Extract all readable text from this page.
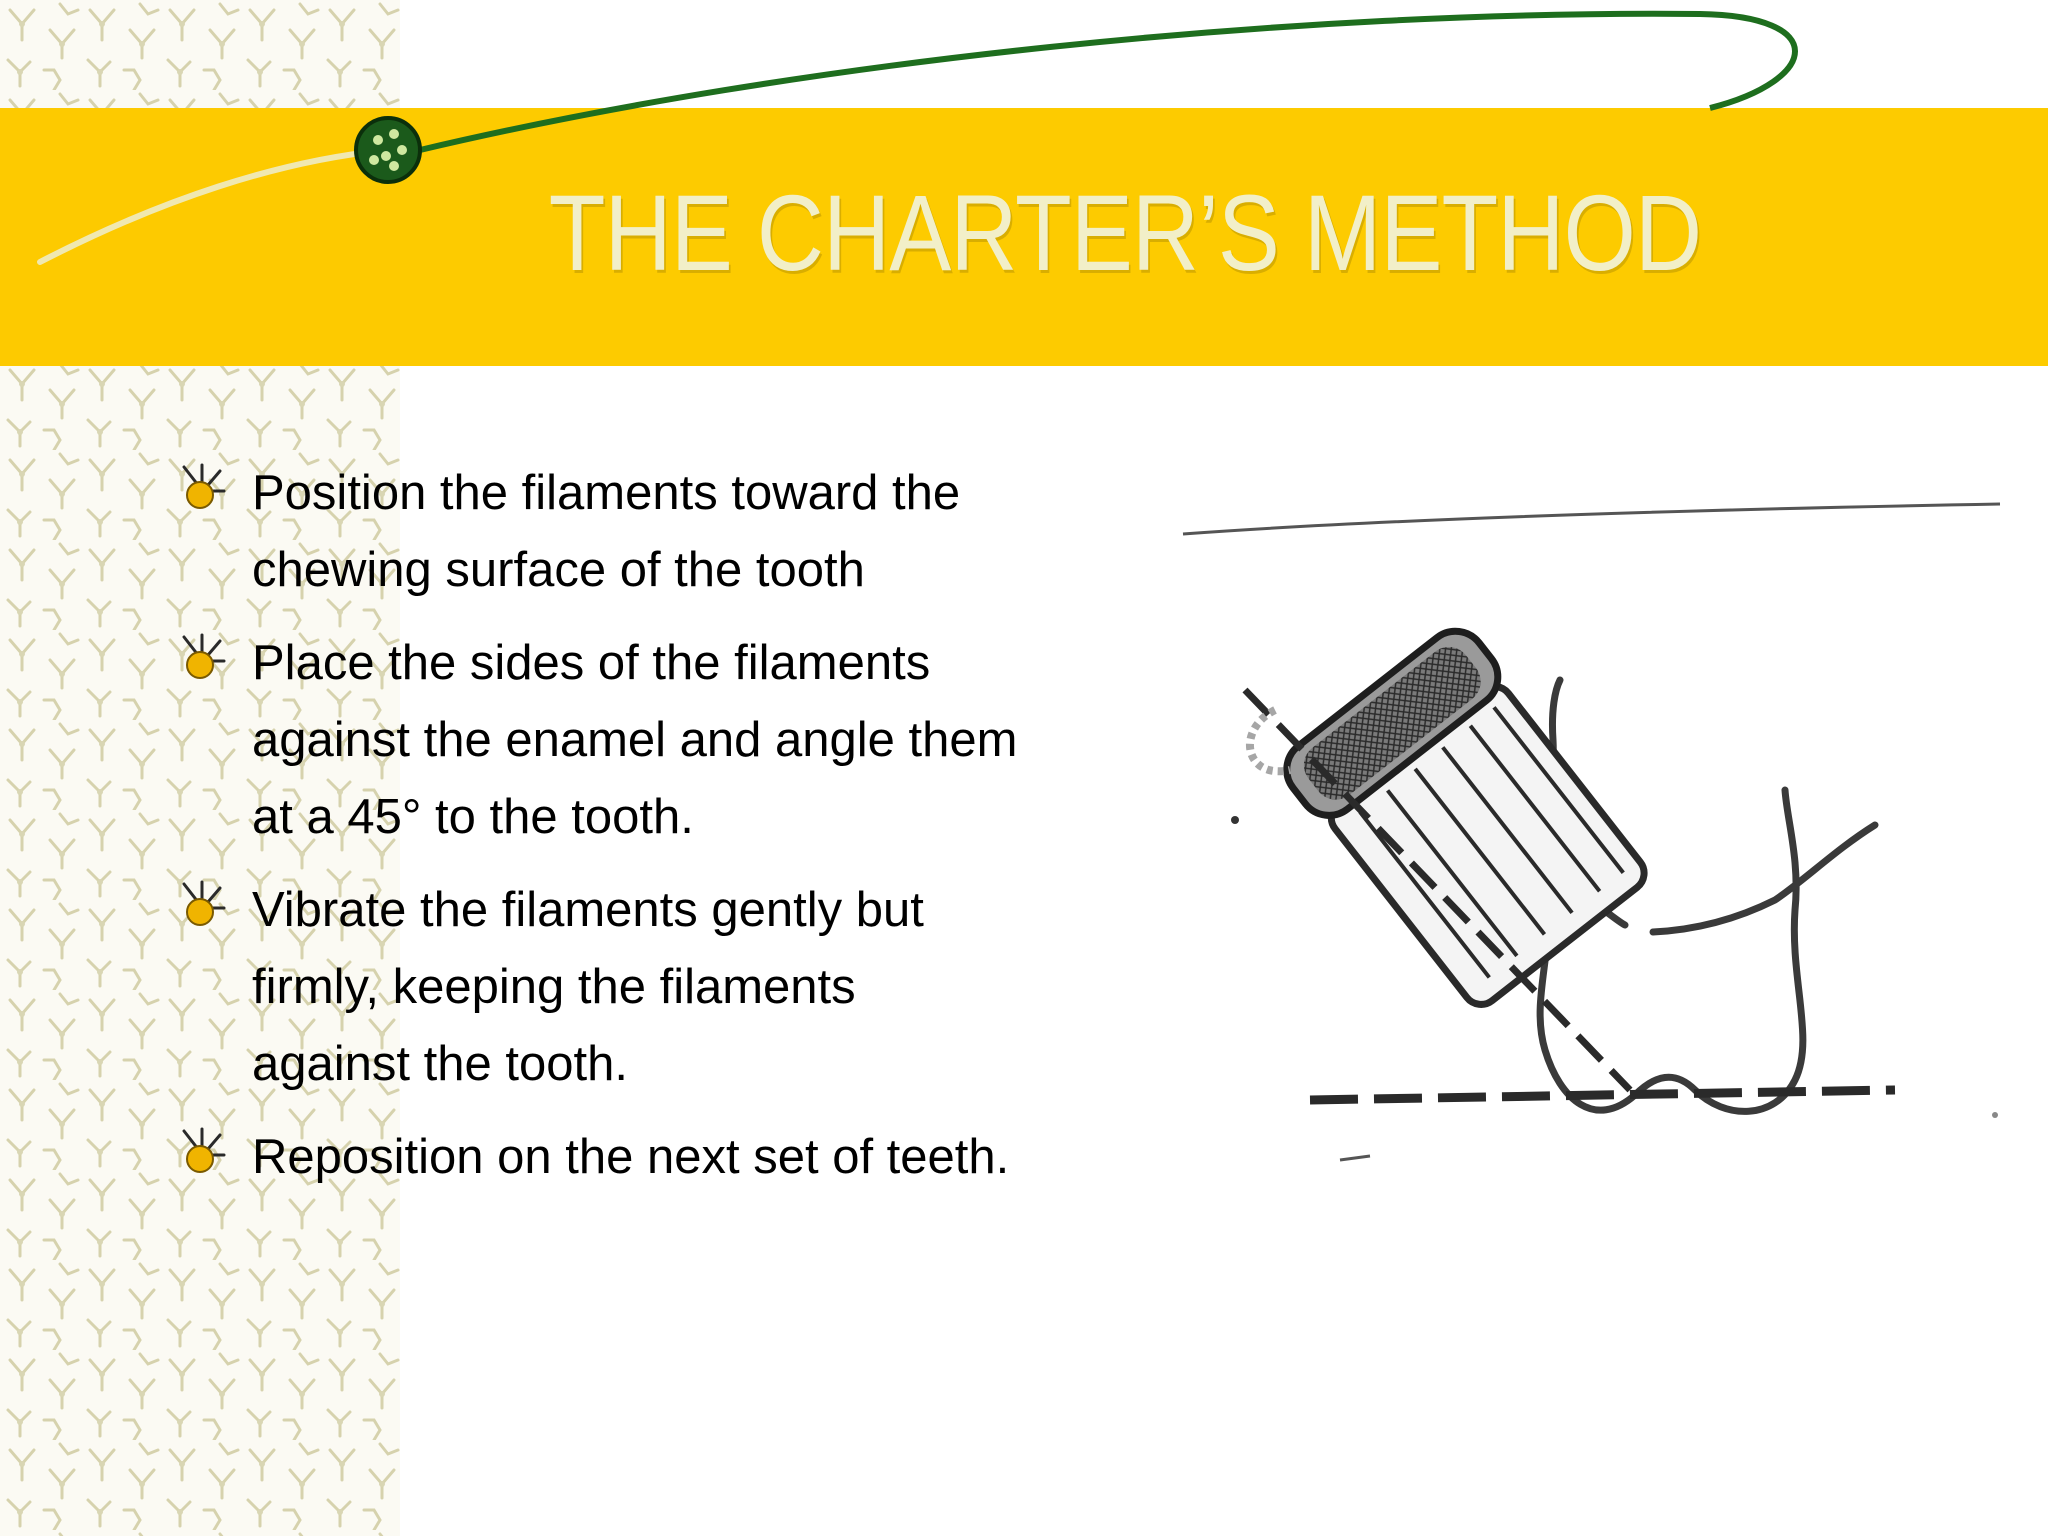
THE CHARTER’S METHOD
Position the filaments toward the chewing surface of the tooth
Place the sides of the filaments against the enamel and angle them at a 45° to the tooth.
Vibrate the filaments gently but firmly, keeping the filaments against the tooth.
Reposition on the next set of teeth.
